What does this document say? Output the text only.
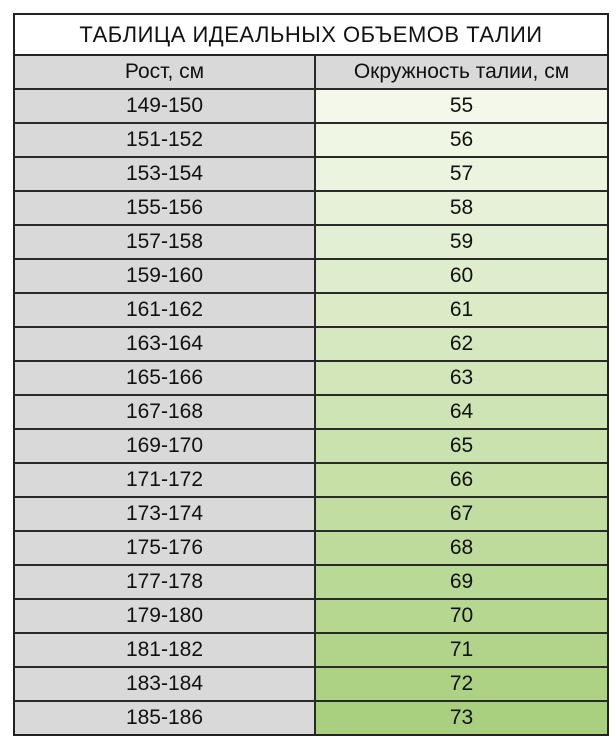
ТАБЛИЦА ИДЕАЛЬНЫХ ОБЪЕМОВ ТАЛИИ
Рост, см	Окружность талии, см
149-150	55
151-152	56
153-154	57
155-156	58
157-158	59
159-160	60
161-162	61
163-164	62
165-166	63
167-168	64
169-170	65
171-172	66
173-174	67
175-176	68
177-178	69
179-180	70
181-182	71
183-184	72
185-186	73
